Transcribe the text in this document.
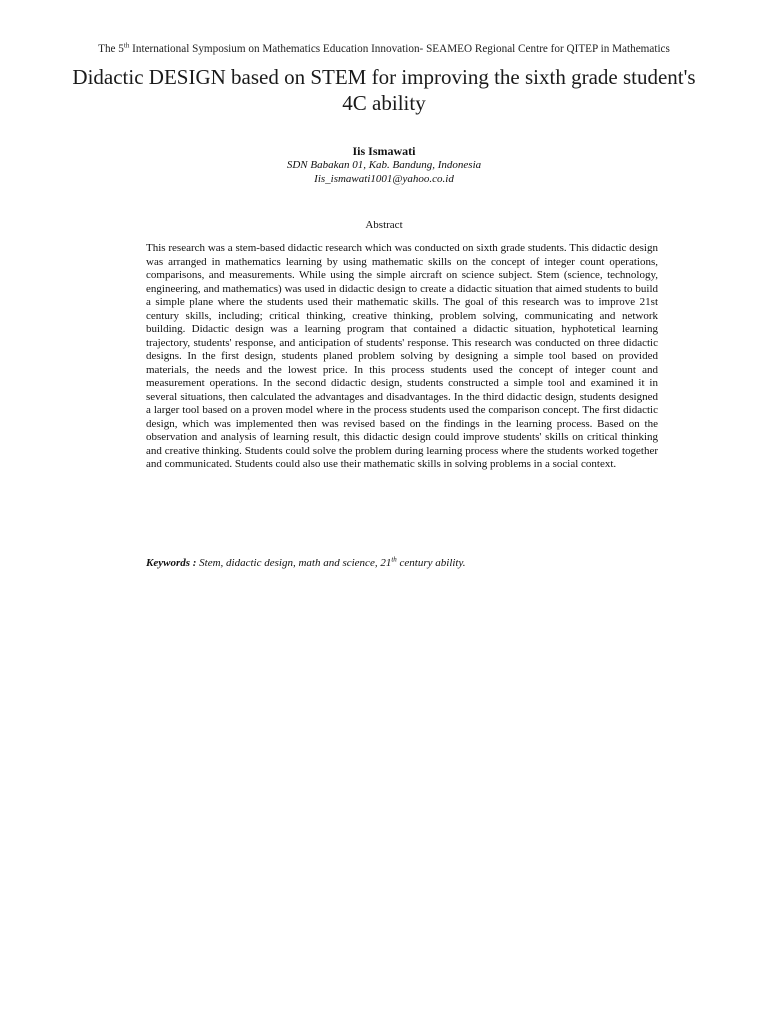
The 5th International Symposium on Mathematics Education Innovation- SEAMEO Regional Centre for QITEP in Mathematics
Didactic DESIGN based on STEM for improving the sixth grade student's 4C ability
Iis Ismawati
SDN Babakan 01, Kab. Bandung, Indonesia
Iis_ismawati1001@yahoo.co.id
Abstract
This research was a stem-based didactic research which was conducted on sixth grade students. This didactic design was arranged in mathematics learning by using mathematic skills on the concept of integer count operations, comparisons, and measurements. While using the simple aircraft on science subject. Stem (science, technology, engineering, and mathematics) was used in didactic design to create a didactic situation that aimed students to build a simple plane where the students used their mathematic skills. The goal of this research was to improve 21st century skills, including; critical thinking, creative thinking, problem solving, communicating and network building. Didactic design was a learning program that contained a didactic situation, hyphotetical learning trajectory, students' response, and anticipation of students' response. This research was conducted on three didactic designs. In the first design, students planed problem solving by designing a simple tool based on provided materials, the needs and the lowest price. In this process students used the concept of integer count and measurement operations. In the second didactic design, students constructed a simple tool and examined it in several situations, then calculated the advantages and disadvantages. In the third didactic design, students designed a larger tool based on a proven model where in the process students used the comparison concept. The first didactic design, which was implemented then was revised based on the findings in the learning process. Based on the observation and analysis of learning result, this didactic design could improve students' skills on critical thinking and creative thinking. Students could solve the problem during learning process where the students worked together and communicated. Students could also use their mathematic skills in solving problems in a social context.
Keywords : Stem, didactic design, math and science, 21th century ability.
